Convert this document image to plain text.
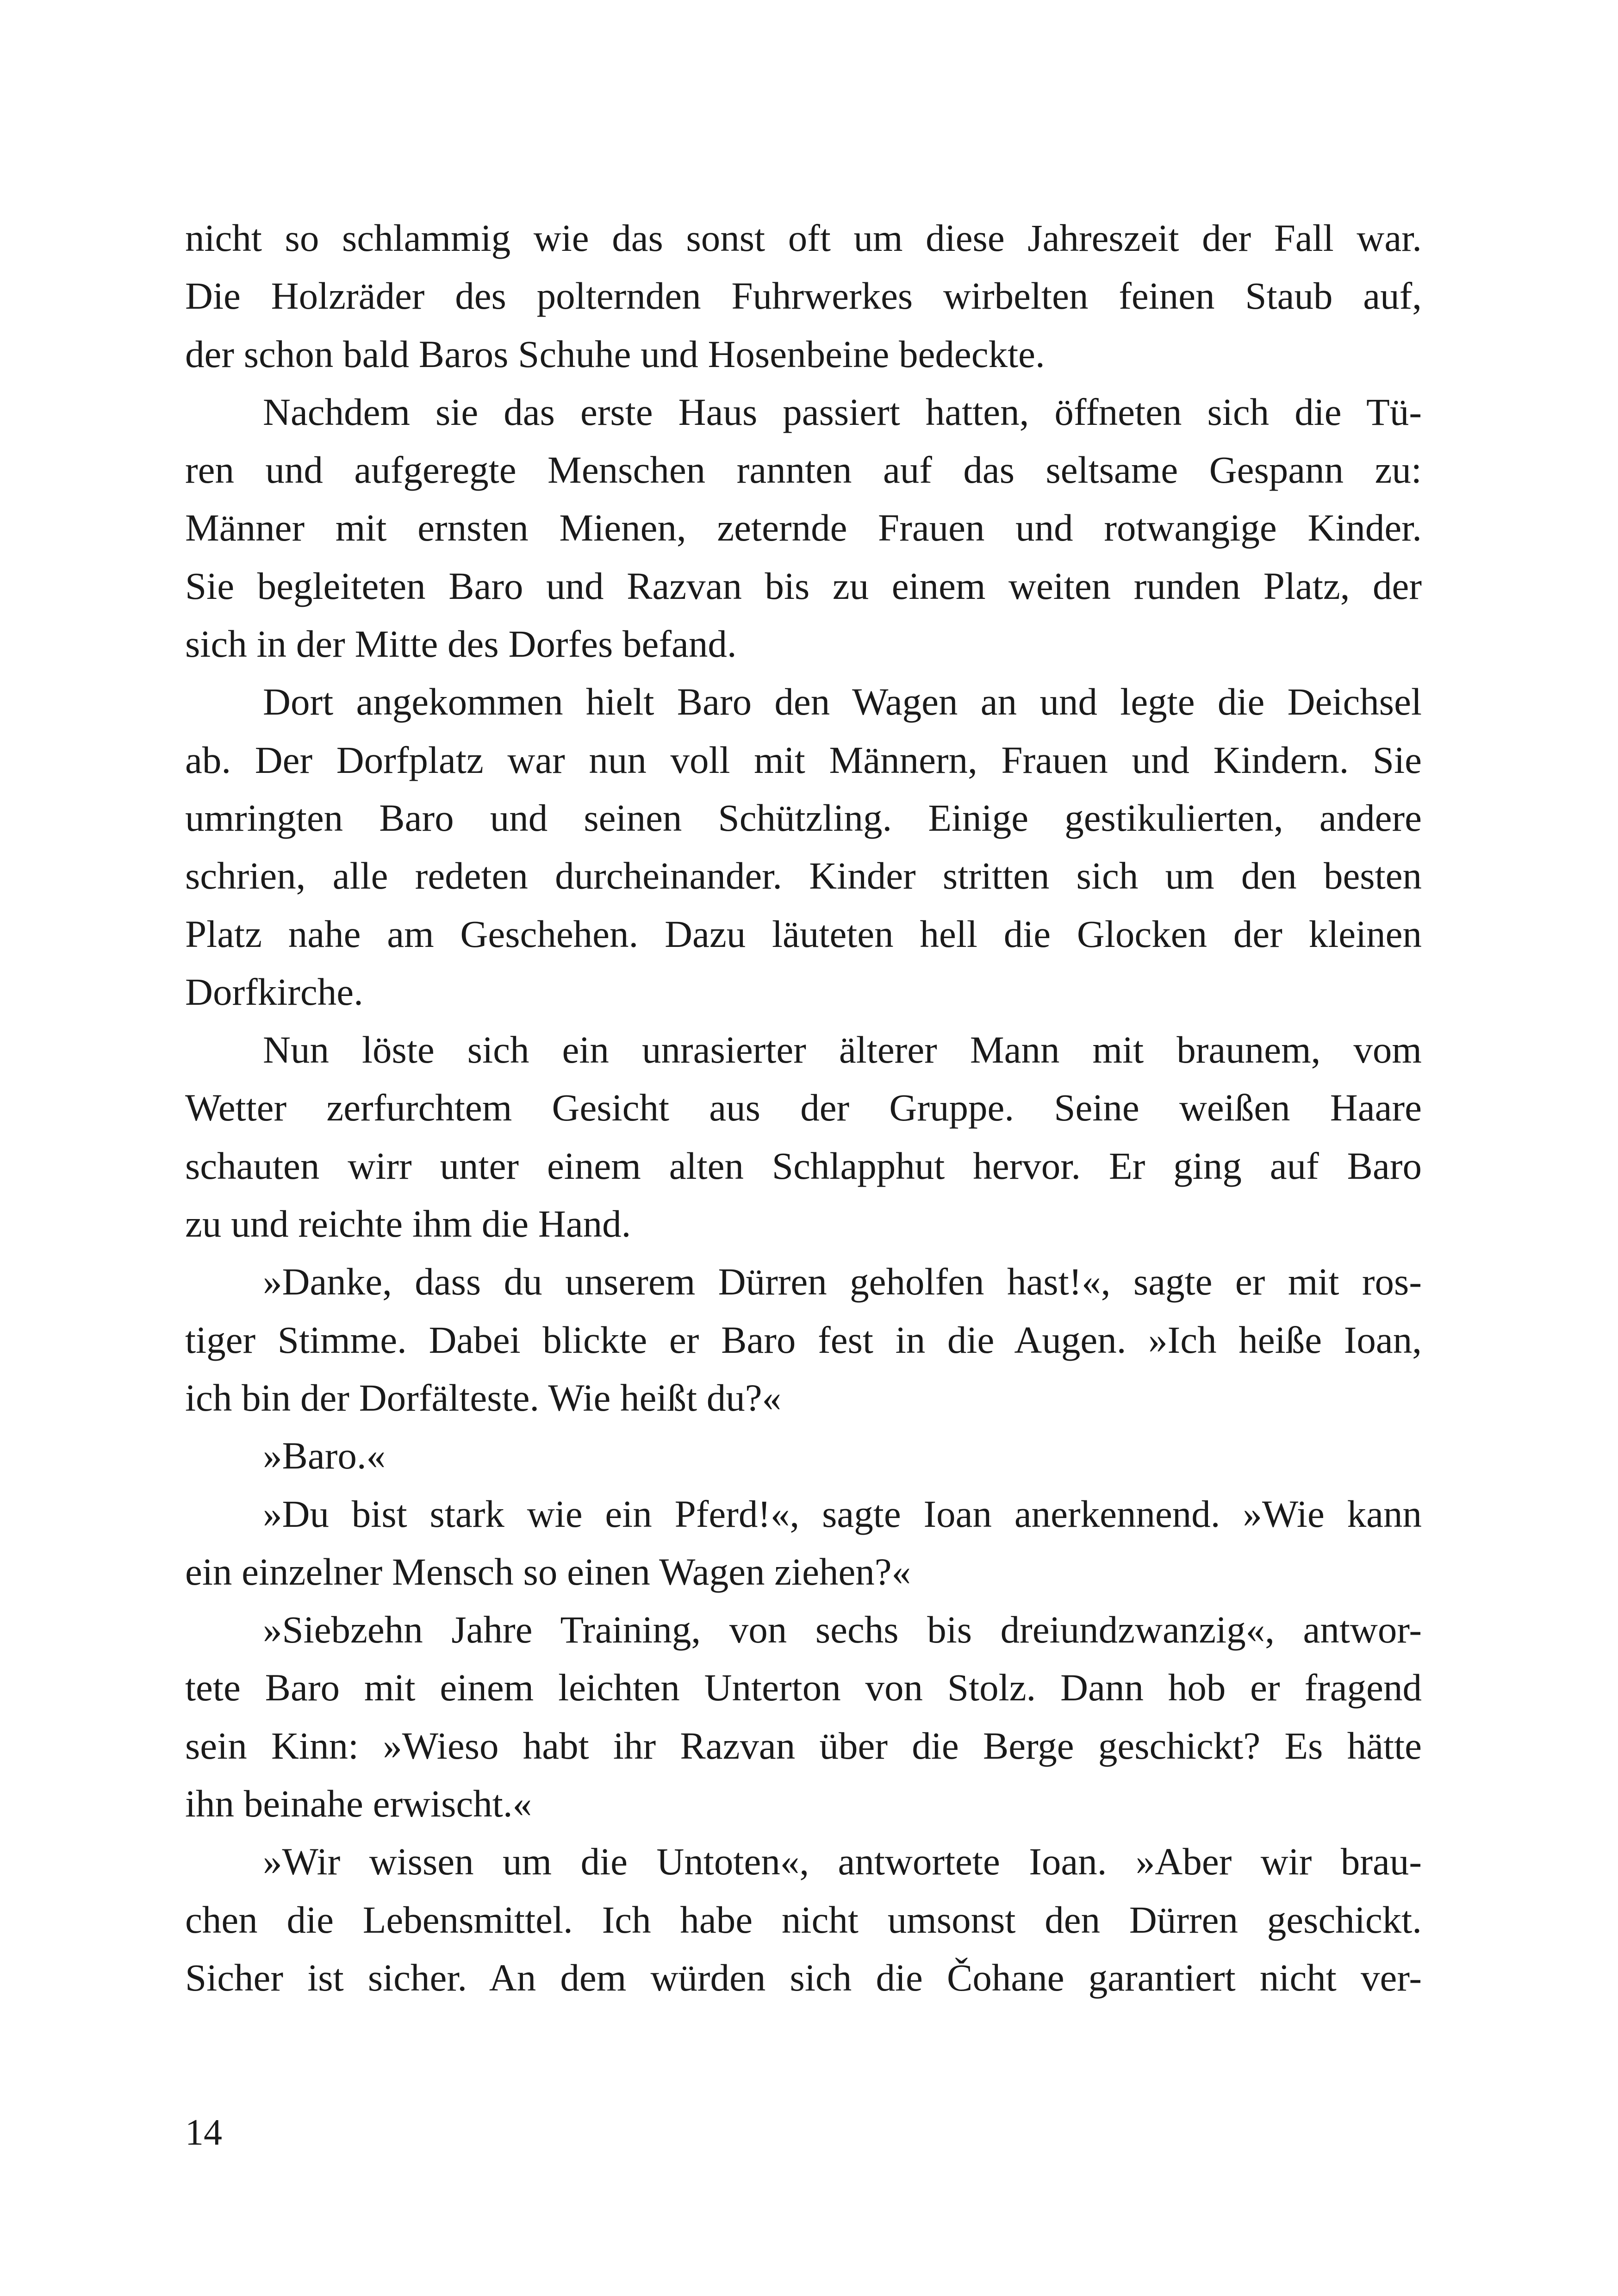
nicht so schlammig wie das sonst oft um diese Jahreszeit der Fall war.
Die Holzräder des polternden Fuhrwerkes wirbelten feinen Staub auf,
der schon bald Baros Schuhe und Hosenbeine bedeckte.
Nachdem sie das erste Haus passiert hatten, öffneten sich die Tü-
ren und aufgeregte Menschen rannten auf das seltsame Gespann zu:
Männer mit ernsten Mienen, zeternde Frauen und rotwangige Kinder.
Sie begleiteten Baro und Razvan bis zu einem weiten runden Platz, der
sich in der Mitte des Dorfes befand.
Dort angekommen hielt Baro den Wagen an und legte die Deichsel
ab. Der Dorfplatz war nun voll mit Männern, Frauen und Kindern. Sie
umringten Baro und seinen Schützling. Einige gestikulierten, andere
schrien, alle redeten durcheinander. Kinder stritten sich um den besten
Platz nahe am Geschehen. Dazu läuteten hell die Glocken der kleinen
Dorfkirche.
Nun löste sich ein unrasierter älterer Mann mit braunem, vom
Wetter zerfurchtem Gesicht aus der Gruppe. Seine weißen Haare
schauten wirr unter einem alten Schlapphut hervor. Er ging auf Baro
zu und reichte ihm die Hand.
»Danke, dass du unserem Dürren geholfen hast!«, sagte er mit ros-
tiger Stimme. Dabei blickte er Baro fest in die Augen. »Ich heiße Ioan,
ich bin der Dorfälteste. Wie heißt du?«
»Baro.«
»Du bist stark wie ein Pferd!«, sagte Ioan anerkennend. »Wie kann
ein einzelner Mensch so einen Wagen ziehen?«
»Siebzehn Jahre Training, von sechs bis dreiundzwanzig«, antwor-
tete Baro mit einem leichten Unterton von Stolz. Dann hob er fragend
sein Kinn: »Wieso habt ihr Razvan über die Berge geschickt? Es hätte
ihn beinahe erwischt.«
»Wir wissen um die Untoten«, antwortete Ioan. »Aber wir brau-
chen die Lebensmittel. Ich habe nicht umsonst den Dürren geschickt.
Sicher ist sicher. An dem würden sich die Čohane garantiert nicht ver-
14
